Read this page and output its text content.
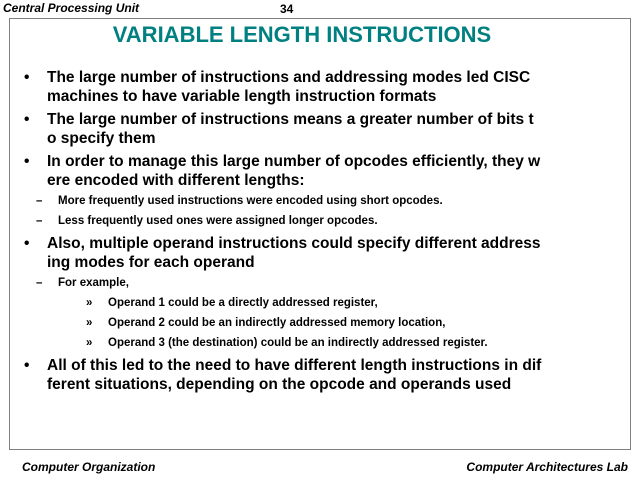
Central Processing Unit	34
VARIABLE LENGTH INSTRUCTIONS
• The large number of instructions and addressing modes led CISC
machines to have variable length instruction formats
• The large number of instructions means a greater number of bits t
o specify them
• In order to manage this large number of opcodes efficiently, they w
ere encoded with different lengths:
– More frequently used instructions were encoded using short opcodes.
– Less frequently used ones were assigned longer opcodes.
• Also, multiple operand instructions could specify different address
ing modes for each operand
– For example,
» Operand 1 could be a directly addressed register,
» Operand 2 could be an indirectly addressed memory location,
» Operand 3 (the destination) could be an indirectly addressed register.
• All of this led to the need to have different length instructions in dif
ferent situations, depending on the opcode and operands used
Computer Organization	Computer Architectures Lab
